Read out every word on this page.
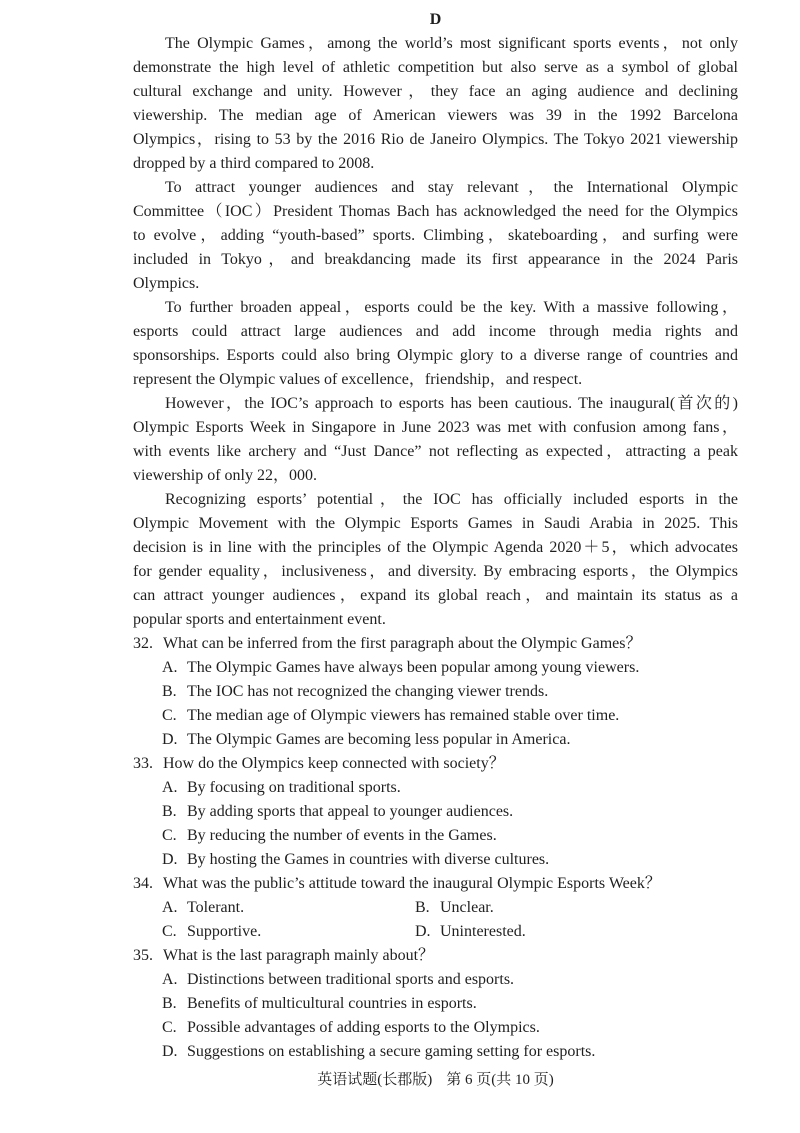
D
The Olympic Games，among the world’s most significant sports events，not only
demonstrate the high level of athletic competition but also serve as a symbol of global
cultural exchange and unity. However，they face an aging audience and declining
viewership. The median age of American viewers was 39 in the 1992 Barcelona
Olympics，rising to 53 by the 2016 Rio de Janeiro Olympics. The Tokyo 2021 viewership
dropped by a third compared to 2008.
To attract younger audiences and stay relevant，the International Olympic
Committee（IOC）President Thomas Bach has acknowledged the need for the Olympics
to evolve，adding “youth-based” sports. Climbing，skateboarding，and surfing were
included in Tokyo，and breakdancing made its first appearance in the 2024 Paris
Olympics.
To further broaden appeal，esports could be the key. With a massive following，
esports could attract large audiences and add income through media rights and
sponsorships. Esports could also bring Olympic glory to a diverse range of countries and
represent the Olympic values of excellence，friendship，and respect.
However，the IOC’s approach to esports has been cautious. The inaugural(首次的)
Olympic Esports Week in Singapore in June 2023 was met with confusion among fans，
with events like archery and “Just Dance” not reflecting as expected，attracting a peak
viewership of only 22，000.
Recognizing esports’ potential，the IOC has officially included esports in the
Olympic Movement with the Olympic Esports Games in Saudi Arabia in 2025. This
decision is in line with the principles of the Olympic Agenda 2020＋5，which advocates
for gender equality，inclusiveness，and diversity. By embracing esports，the Olympics
can attract younger audiences，expand its global reach，and maintain its status as a
popular sports and entertainment event.
32. What can be inferred from the first paragraph about the Olympic Games？
A. The Olympic Games have always been popular among young viewers.
B. The IOC has not recognized the changing viewer trends.
C. The median age of Olympic viewers has remained stable over time.
D. The Olympic Games are becoming less popular in America.
33. How do the Olympics keep connected with society？
A. By focusing on traditional sports.
B. By adding sports that appeal to younger audiences.
C. By reducing the number of events in the Games.
D. By hosting the Games in countries with diverse cultures.
34. What was the public’s attitude toward the inaugural Olympic Esports Week？
A. Tolerant.	B. Unclear.
C. Supportive.	D. Uninterested.
35. What is the last paragraph mainly about？
A. Distinctions between traditional sports and esports.
B. Benefits of multicultural countries in esports.
C. Possible advantages of adding esports to the Olympics.
D. Suggestions on establishing a secure gaming setting for esports.
英语试题(长郡版) 第 6 页(共 10 页)
